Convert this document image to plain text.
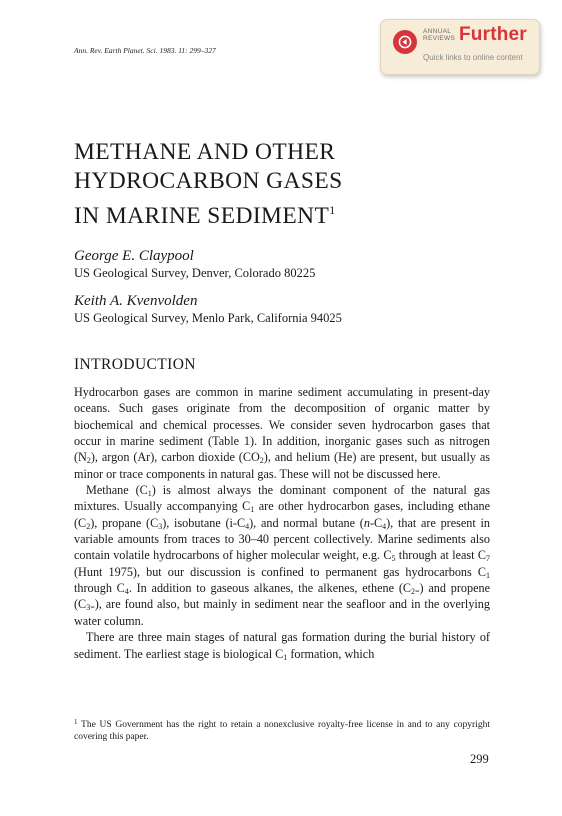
Ann. Rev. Earth Planet. Sci. 1983. 11: 299–327
ANNUAL
REVIEWS Further
Quick links to online content
METHANE AND OTHER
HYDROCARBON GASES
IN MARINE SEDIMENT$^1$
George E. Claypool
US Geological Survey, Denver, Colorado 80225
Keith A. Kvenvolden
US Geological Survey, Menlo Park, California 94025
INTRODUCTION

Hydrocarbon gases are common in marine sediment accumulating in present-day oceans. Such gases originate from the decomposition of organic matter by biochemical and chemical processes. We consider seven hydrocarbon gases that occur in marine sediment (Table 1). In addition, inorganic gases such as nitrogen $(N_2)$, argon (Ar), carbon dioxide $(CO_2)$, and helium (He) are present, but usually as minor or trace components in natural gas. These will not be discussed here.

Methane $(C_1)$ is almost always the dominant component of the natural gas mixtures. Usually accompanying $C_1$ are other hydrocarbon gases, including ethane $(C_2)$, propane $(C_3)$, isobutane $(i-C_4)$, and normal butane $(n-C_4)$, that are present in variable amounts from traces to 30–40 percent collectively. Marine sediments also contain volatile hydrocarbons of higher molecular weight, e.g. $C_5$ through at least $C_7$ (Hunt 1975), but our discussion is confined to permanent gas hydrocarbons $C_1$ through $C_4$. In addition to gaseous alkanes, the alkenes, ethene $(C_{2=})$ and propene $(C_{3=})$, are found also, but mainly in sediment near the seafloor and in the overlying water column.

There are three main stages of natural gas formation during the burial history of sediment. The earliest stage is biological $C_1$ formation, which

$^1$ The US Government has the right to retain a nonexclusive royalty-free license in and to any copyright covering this paper.
299
